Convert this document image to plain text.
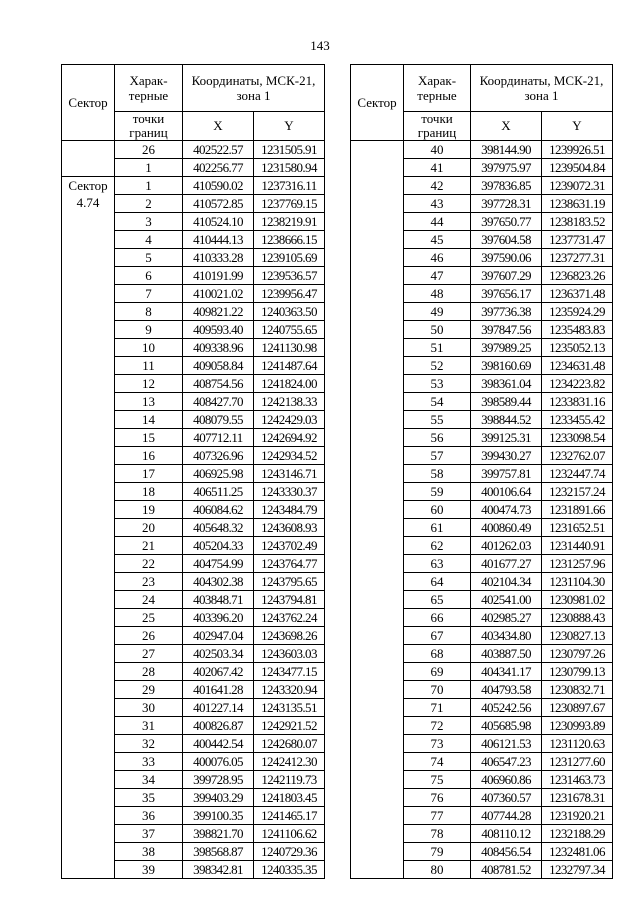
143
Сектор	Харак-терные	Координаты, МСК-21, зона 1	
	точки границ	X	Y
	26	402522.57	1231505.91
	1	402256.77	1231580.94
Сектор 4.74	1	410590.02	1237316.11
	2	410572.85	1237769.15
	3	410524.10	1238219.91
	4	410444.13	1238666.15
	5	410333.28	1239105.69
	6	410191.99	1239536.57
	7	410021.02	1239956.47
	8	409821.22	1240363.50
	9	409593.40	1240755.65
	10	409338.96	1241130.98
	11	409058.84	1241487.64
	12	408754.56	1241824.00
	13	408427.70	1242138.33
	14	408079.55	1242429.03
	15	407712.11	1242694.92
	16	407326.96	1242934.52
	17	406925.98	1243146.71
	18	406511.25	1243330.37
	19	406084.62	1243484.79
	20	405648.32	1243608.93
	21	405204.33	1243702.49
	22	404754.99	1243764.77
	23	404302.38	1243795.65
	24	403848.71	1243794.81
	25	403396.20	1243762.24
	26	402947.04	1243698.26
	27	402503.34	1243603.03
	28	402067.42	1243477.15
	29	401641.28	1243320.94
	30	401227.14	1243135.51
	31	400826.87	1242921.52
	32	400442.54	1242680.07
	33	400076.05	1242412.30
	34	399728.95	1242119.73
	35	399403.29	1241803.45
	36	399100.35	1241465.17
	37	398821.70	1241106.62
	38	398568.87	1240729.36
	39	398342.81	1240335.35
Сектор	Харак-терные	Координаты, МСК-21, зона 1	
	точки границ	X	Y
	40	398144.90	1239926.51
	41	397975.97	1239504.84
	42	397836.85	1239072.31
	43	397728.31	1238631.19
	44	397650.77	1238183.52
	45	397604.58	1237731.47
	46	397590.06	1237277.31
	47	397607.29	1236823.26
	48	397656.17	1236371.48
	49	397736.38	1235924.29
	50	397847.56	1235483.83
	51	397989.25	1235052.13
	52	398160.69	1234631.48
	53	398361.04	1234223.82
	54	398589.44	1233831.16
	55	398844.52	1233455.42
	56	399125.31	1233098.54
	57	399430.27	1232762.07
	58	399757.81	1232447.74
	59	400106.64	1232157.24
	60	400474.73	1231891.66
	61	400860.49	1231652.51
	62	401262.03	1231440.91
	63	401677.27	1231257.96
	64	402104.34	1231104.30
	65	402541.00	1230981.02
	66	402985.27	1230888.43
	67	403434.80	1230827.13
	68	403887.50	1230797.26
	69	404341.17	1230799.13
	70	404793.58	1230832.71
	71	405242.56	1230897.67
	72	405685.98	1230993.89
	73	406121.53	1231120.63
	74	406547.23	1231277.60
	75	406960.86	1231463.73
	76	407360.57	1231678.31
	77	407744.28	1231920.21
	78	408110.12	1232188.29
	79	408456.54	1232481.06
	80	408781.52	1232797.34
